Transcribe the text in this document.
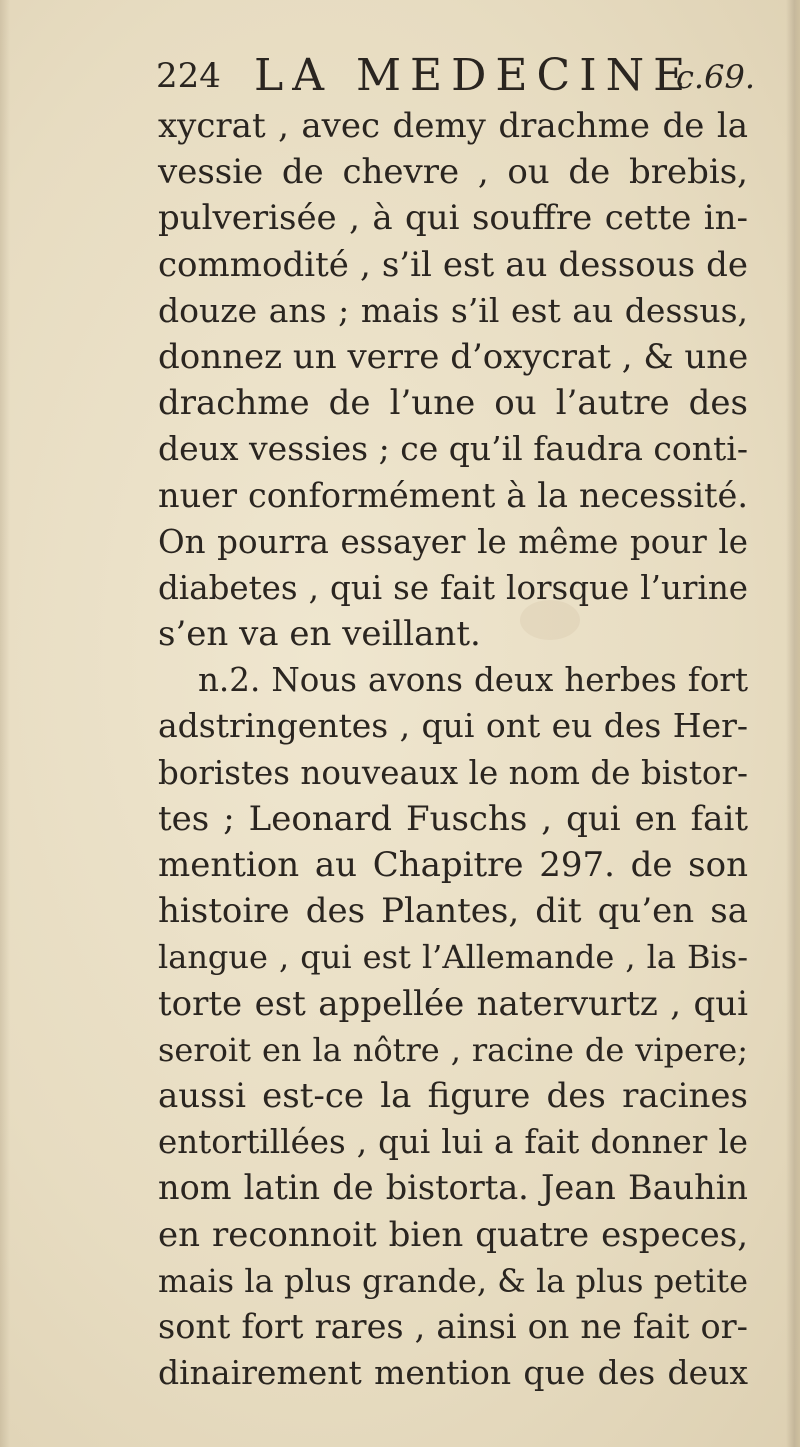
224 LA MEDECINE
c.69.
xycrat , avec demy drachme de la
vessie de chevre , ou de brebis,
pulverisée , à qui souffre cette in-
commodité , s’il est au dessous de
douze ans ; mais s’il est au dessus,
donnez un verre d’oxycrat , & une
drachme de l’une ou l’autre des
deux vessies ; ce qu’il faudra conti-
nuer conformément à la necessité.
On pourra essayer le même pour le
diabetes , qui se fait lorsque l’urine
s’en va en veillant.
n.2. Nous avons deux herbes fort
adstringentes , qui ont eu des Her-
boristes nouveaux le nom de bistor-
tes ; Leonard Fuschs , qui en fait
mention au Chapitre 297. de son
histoire des Plantes, dit qu’en sa
langue , qui est l’Allemande , la Bis-
torte est appellée natervurtz , qui
seroit en la nôtre , racine de vipere;
aussi est-ce la figure des racines
entortillées , qui lui a fait donner le
nom latin de bistorta. Jean Bauhin
en reconnoit bien quatre especes,
mais la plus grande, & la plus petite
sont fort rares , ainsi on ne fait or-
dinairement mention que des deux
